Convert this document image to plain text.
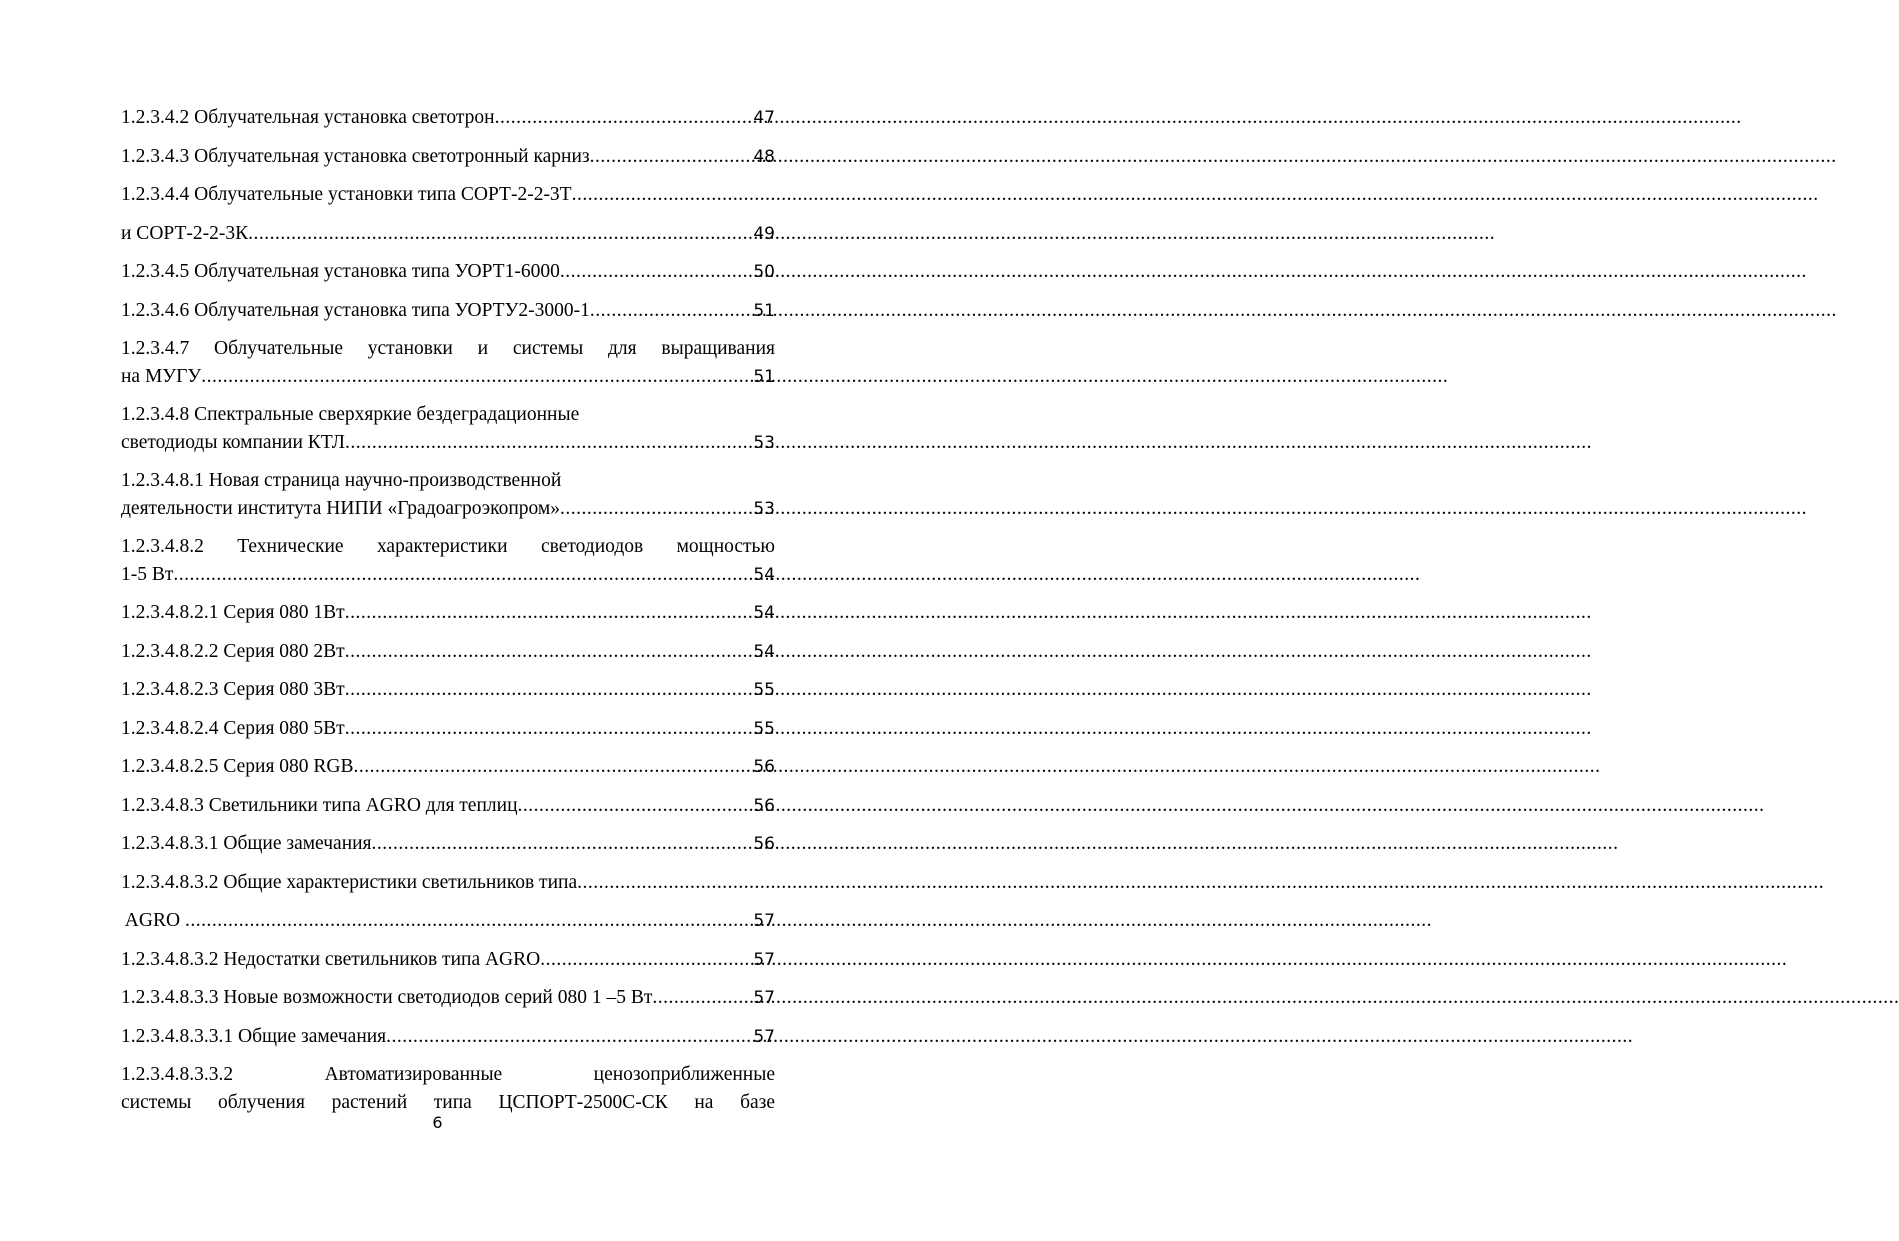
1.2.3.4.2 Облучательная установка светотрон .....	47
1.2.3.4.3 Облучательная установка светотронный карниз .....	48
1.2.3.4.4 Облучательные установки типа СОРТ-2-2-3Т
.....
и СОРТ-2-2-3К .....	49
1.2.3.4.5 Облучательная установка типа УОРТ1-6000 .....	50
1.2.3.4.6 Облучательная установка типа УОРТУ2-3000-1 .....	51
1.2.3.4.7 Облучательные установки и системы для выращивания
на МУГУ .....	51
1.2.3.4.8 Спектральные сверхяркие бездеградационные
светодиоды компании КТЛ .....	53
1.2.3.4.8.1 Новая страница научно-производственной
деятельности института НИПИ «Градоагроэкопром» .....	53
1.2.3.4.8.2 Технические характеристики светодиодов мощностью
1-5 Вт .....	54
1.2.3.4.8.2.1 Серия 080 1Вт .....	54
1.2.3.4.8.2.2 Серия 080 2Вт .....	54
1.2.3.4.8.2.3 Серия 080 3Вт .....	55
1.2.3.4.8.2.4 Серия 080 5Вт .....	55
1.2.3.4.8.2.5 Серия 080 RGB .....	56
1.2.3.4.8.3 Светильники типа AGRO для теплиц .....	56
1.2.3.4.8.3.1 Общие замечания .....	56
1.2.3.4.8.3.2 Общие характеристики светильников типа
.....
AGRO .....	57
1.2.3.4.8.3.2 Недостатки светильников типа AGRO .....	57
1.2.3.4.8.3.3 Новые возможности светодиодов серий 080 1 –5 Вт .....	57
1.2.3.4.8.3.3.1 Общие замечания .....	57
1.2.3.4.8.3.3.2        Автоматизированные        ценозоприближенные
системы облучения растений типа ЦСПОРТ-2500С-СК на базе
6
